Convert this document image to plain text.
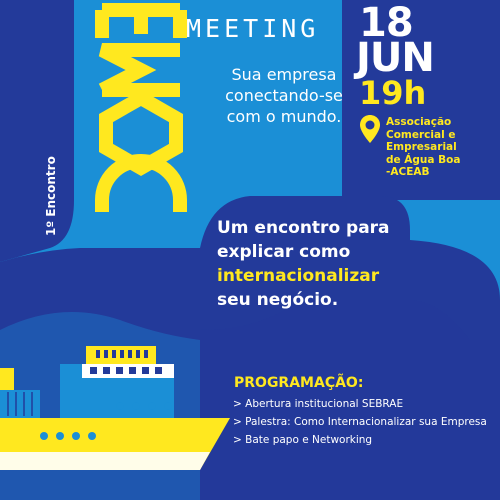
MEETING
Sua empresa
conectando-se
com o mundo.
18
JUN
19h
Associação
Comercial e
Empresarial
de Água Boa
-ACEAB
1º Encontro	Um encontro para
explicar como
internacionalizar
seu negócio.
PROGRAMAÇÃO:
> Abertura institucional SEBRAE
> Palestra: Como Internacionalizar sua Empresa
> Bate papo e Networking
